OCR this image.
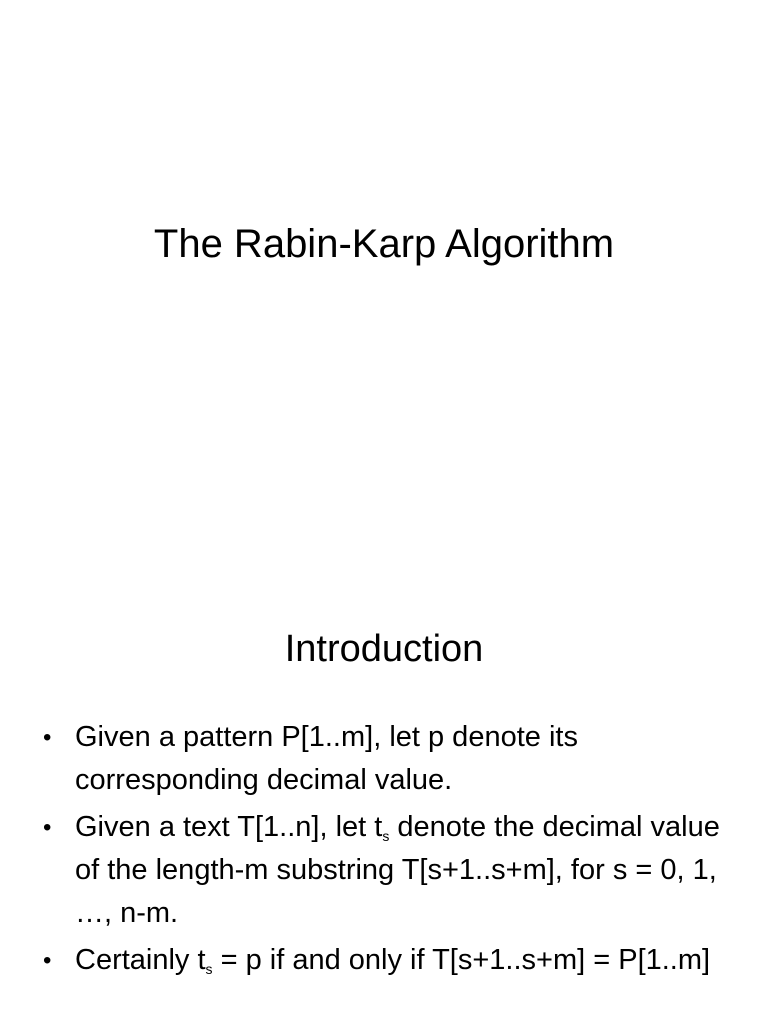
The Rabin-Karp Algorithm
Introduction
• Given a pattern P[1..m], let p denote its corresponding decimal value.
• Given a text T[1..n], let $t_s$ denote the decimal value of the length-m substring T[s+1..s+m], for s = 0, 1, …, n-m.
• Certainly $t_s = p$ if and only if T[s+1..s+m] = P[1..m]
